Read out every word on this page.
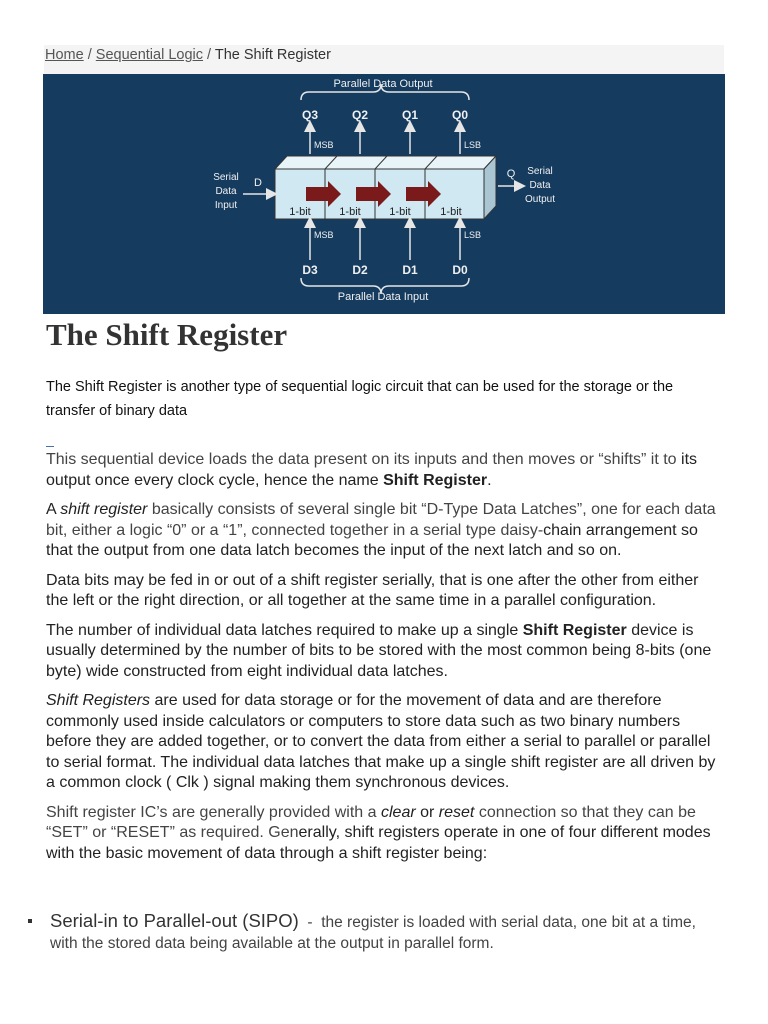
Home / Sequential Logic / The Shift Register
Parallel Data Output
Q3	Q2	Q1	Q0
MSB	LSB
1-bit	1-bit	1-bit	1-bit
Serial
Data
Input
D
Q Serial
Data
Output
MSB	LSB
D3	D2	D1	D0
Parallel Data Input
The Shift Register
The Shift Register is another type of sequential logic circuit that can be used for the storage or the transfer of binary data

This sequential device loads the data present on its inputs and then moves or “shifts” it to its output once every clock cycle, hence the name Shift Register.

A shift register basically consists of several single bit “D-Type Data Latches”, one for each data bit, either a logic “0” or a “1”, connected together in a serial type daisy-chain arrangement so that the output from one data latch becomes the input of the next latch and so on.

Data bits may be fed in or out of a shift register serially, that is one after the other from either the left or the right direction, or all together at the same time in a parallel configuration.

The number of individual data latches required to make up a single Shift Register device is usually determined by the number of bits to be stored with the most common being 8-bits (one byte) wide constructed from eight individual data latches.

Shift Registers are used for data storage or for the movement of data and are therefore commonly used inside calculators or computers to store data such as two binary numbers before they are added together, or to convert the data from either a serial to parallel or parallel to serial format. The individual data latches that make up a single shift register are all driven by a common clock ( Clk ) signal making them synchronous devices.

Shift register IC’s are generally provided with a clear or reset connection so that they can be “SET” or “RESET” as required. Generally, shift registers operate in one of four different modes with the basic movement of data through a shift register being:

Serial-in to Parallel-out (SIPO)  -  the register is loaded with serial data, one bit at a time, with the stored data being available at the output in parallel form.
